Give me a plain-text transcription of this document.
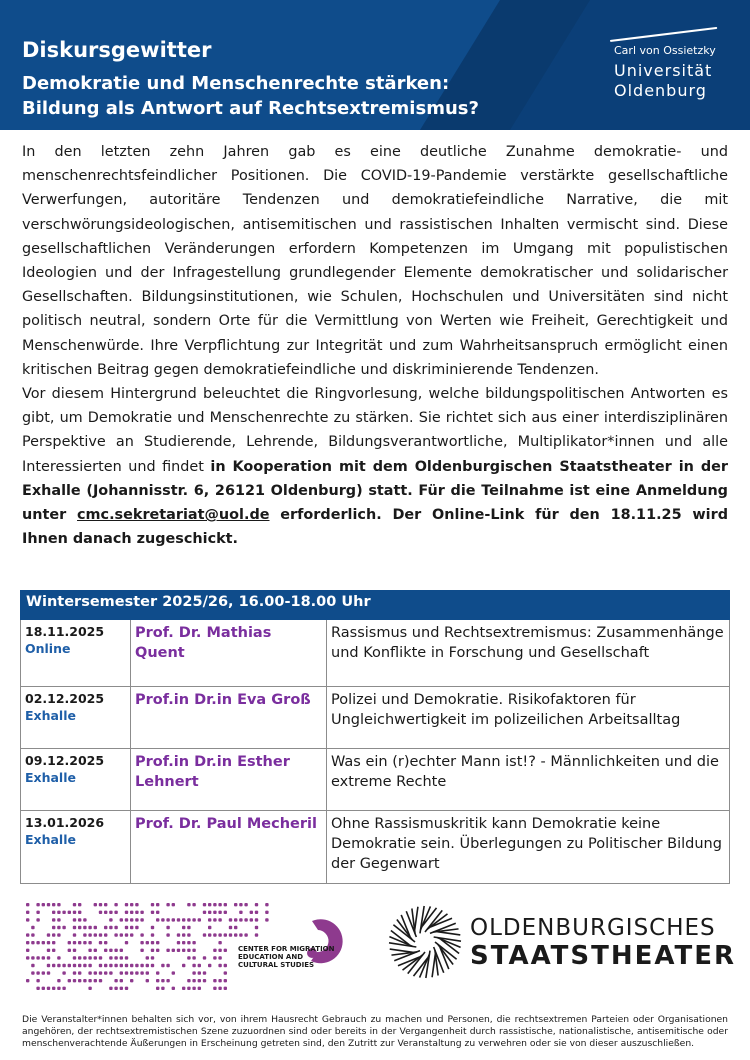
Diskursgewitter
Demokratie und Menschenrechte stärken:
Bildung als Antwort auf Rechtsextremismus?
Carl von Ossietzky
Universität
Oldenburg

In den letzten zehn Jahren gab es eine deutliche Zunahme demokratie- und menschenrechtsfeindlicher Positionen. Die COVID-19-Pandemie verstärkte gesellschaftliche Verwerfungen, autoritäre Tendenzen und demokratiefeindliche Narrative, die mit verschwörungsideologischen, antisemitischen und rassistischen Inhalten vermischt sind. Diese gesellschaftlichen Veränderungen erfordern Kompetenzen im Umgang mit populistischen Ideologien und der Infragestellung grundlegender Elemente demokratischer und solidarischer Gesellschaften. Bildungsinstitutionen, wie Schulen, Hochschulen und Universitäten sind nicht politisch neutral, sondern Orte für die Vermittlung von Werten wie Freiheit, Gerechtigkeit und Menschenwürde. Ihre Verpflichtung zur Integrität und zum Wahrheitsanspruch ermöglicht einen kritischen Beitrag gegen demokratiefeindliche und diskriminierende Tendenzen.

Vor diesem Hintergrund beleuchtet die Ringvorlesung, welche bildungspolitischen Antworten es gibt, um Demokratie und Menschenrechte zu stärken. Sie richtet sich aus einer interdisziplinären Perspektive an Studierende, Lehrende, Bildungsverantwortliche, Multiplikator*innen und alle Interessierten und findet in Kooperation mit dem Oldenburgischen Staatstheater in der Exhalle (Johannisstr. 6, 26121 Oldenburg) statt. Für die Teilnahme ist eine Anmeldung unter cmc.sekretariat@uol.de erforderlich. Der Online-Link für den 18.11.25 wird Ihnen danach zugeschickt.

Wintersemester 2025/26, 16.00-18.00 Uhr		

18.11.2025
Online	Prof. Dr. Mathias Quent	Rassismus und Rechtsextremismus: Zusammenhänge und Konflikte in Forschung und Gesellschaft

02.12.2025
Exhalle	Prof.in Dr.in Eva Groß	Polizei und Demokratie. Risikofaktoren für Ungleichwertigkeit im polizeilichen Arbeitsalltag

09.12.2025
Exhalle	Prof.in Dr.in Esther Lehnert	Was ein (r)echter Mann ist!? - Männlichkeiten und die extreme Rechte

13.01.2026
Exhalle	Prof. Dr. Paul Mecheril	Ohne Rassismuskritik kann Demokratie keine Demokratie sein. Überlegungen zu Politischer Bildung der Gegenwart
CENTER FOR MIGRATION
EDUCATION AND
CULTURAL STUDIES
OLDENBURGISCHES
STAATSTHEATER
Die Veranstalter*innen behalten sich vor, von ihrem Hausrecht Gebrauch zu machen und Personen, die rechtsextremen Parteien oder Organisationen angehören, der rechtsextremistischen Szene zuzuordnen sind oder bereits in der Vergangenheit durch rassistische, nationalistische, antisemitische oder menschenverachtende Äußerungen in Erscheinung getreten sind, den Zutritt zur Veranstaltung zu verwehren oder sie von dieser auszuschließen.
